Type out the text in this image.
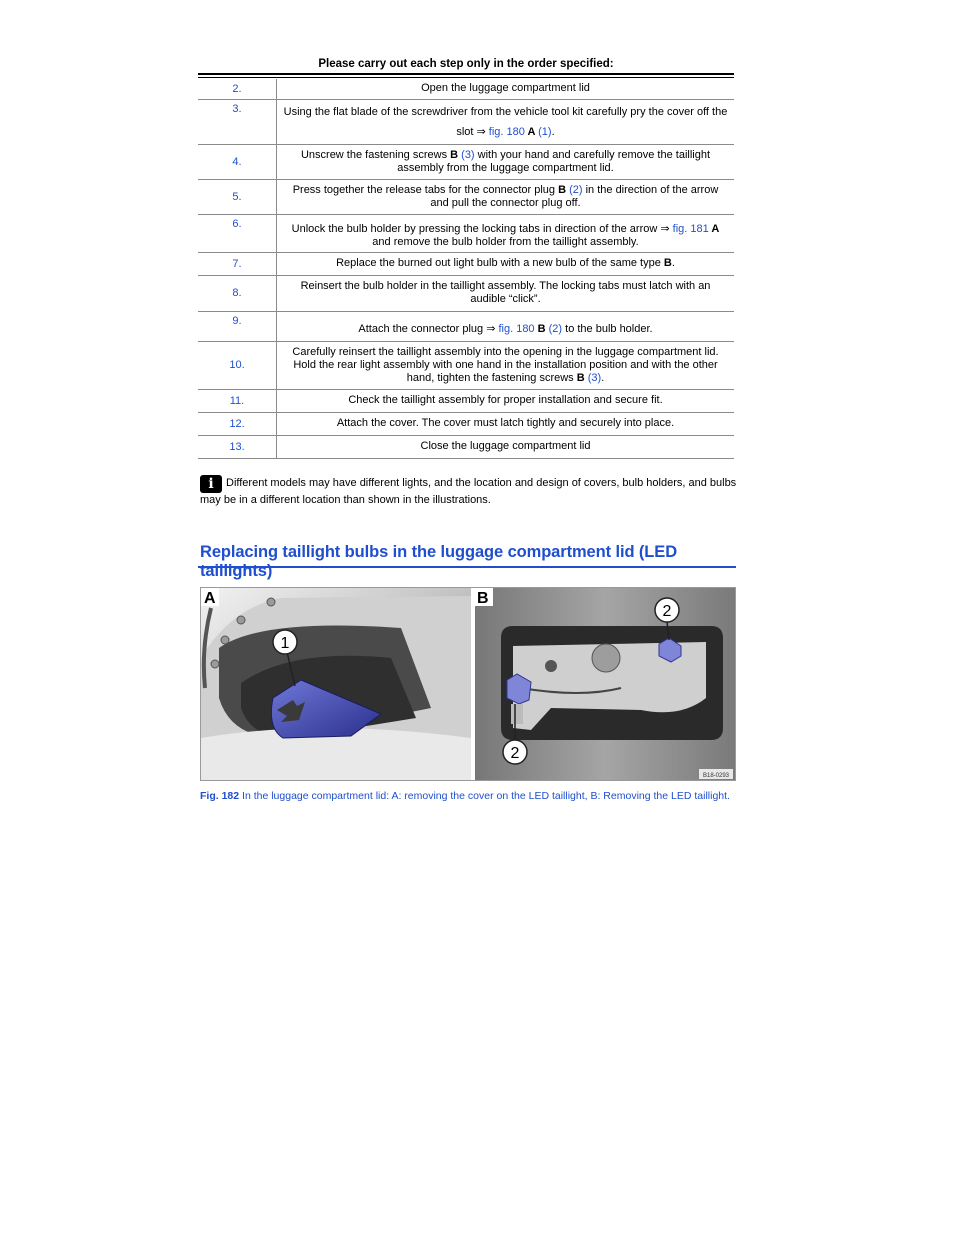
Please carry out each step only in the order specified:
2.	Open the luggage compartment lid
3.	Using the flat blade of the screwdriver from the vehicle tool kit carefully pry the cover off the slot ⇒ fig. 180 A (1).
4.	Unscrew the fastening screws B (3) with your hand and carefully remove the taillight assembly from the luggage compartment lid.
5.	Press together the release tabs for the connector plug B (2) in the direction of the arrow and pull the connector plug off.
6.	Unlock the bulb holder by pressing the locking tabs in direction of the arrow ⇒ fig. 181 A and remove the bulb holder from the taillight assembly.
7.	Replace the burned out light bulb with a new bulb of the same type B.
8.	Reinsert the bulb holder in the taillight assembly. The locking tabs must latch with an audible “click”.
9.	Attach the connector plug ⇒ fig. 180 B (2) to the bulb holder.
10.	Carefully reinsert the taillight assembly into the opening in the luggage compartment lid. Hold the rear light assembly with one hand in the installation position and with the other hand, tighten the fastening screws B (3).
11.	Check the taillight assembly for proper installation and secure fit.
12.	Attach the cover. The cover must latch tightly and securely into place.
13.	Close the luggage compartment lid
i Different models may have different lights, and the location and design of covers, bulb holders, and bulbs may be in a different location than shown in the illustrations.
Replacing taillight bulbs in the luggage compartment lid (LED taillights)
1
A
2
2
B
B18-0293
Fig. 182 In the luggage compartment lid: A: removing the cover on the LED taillight, B: Removing the LED taillight.
